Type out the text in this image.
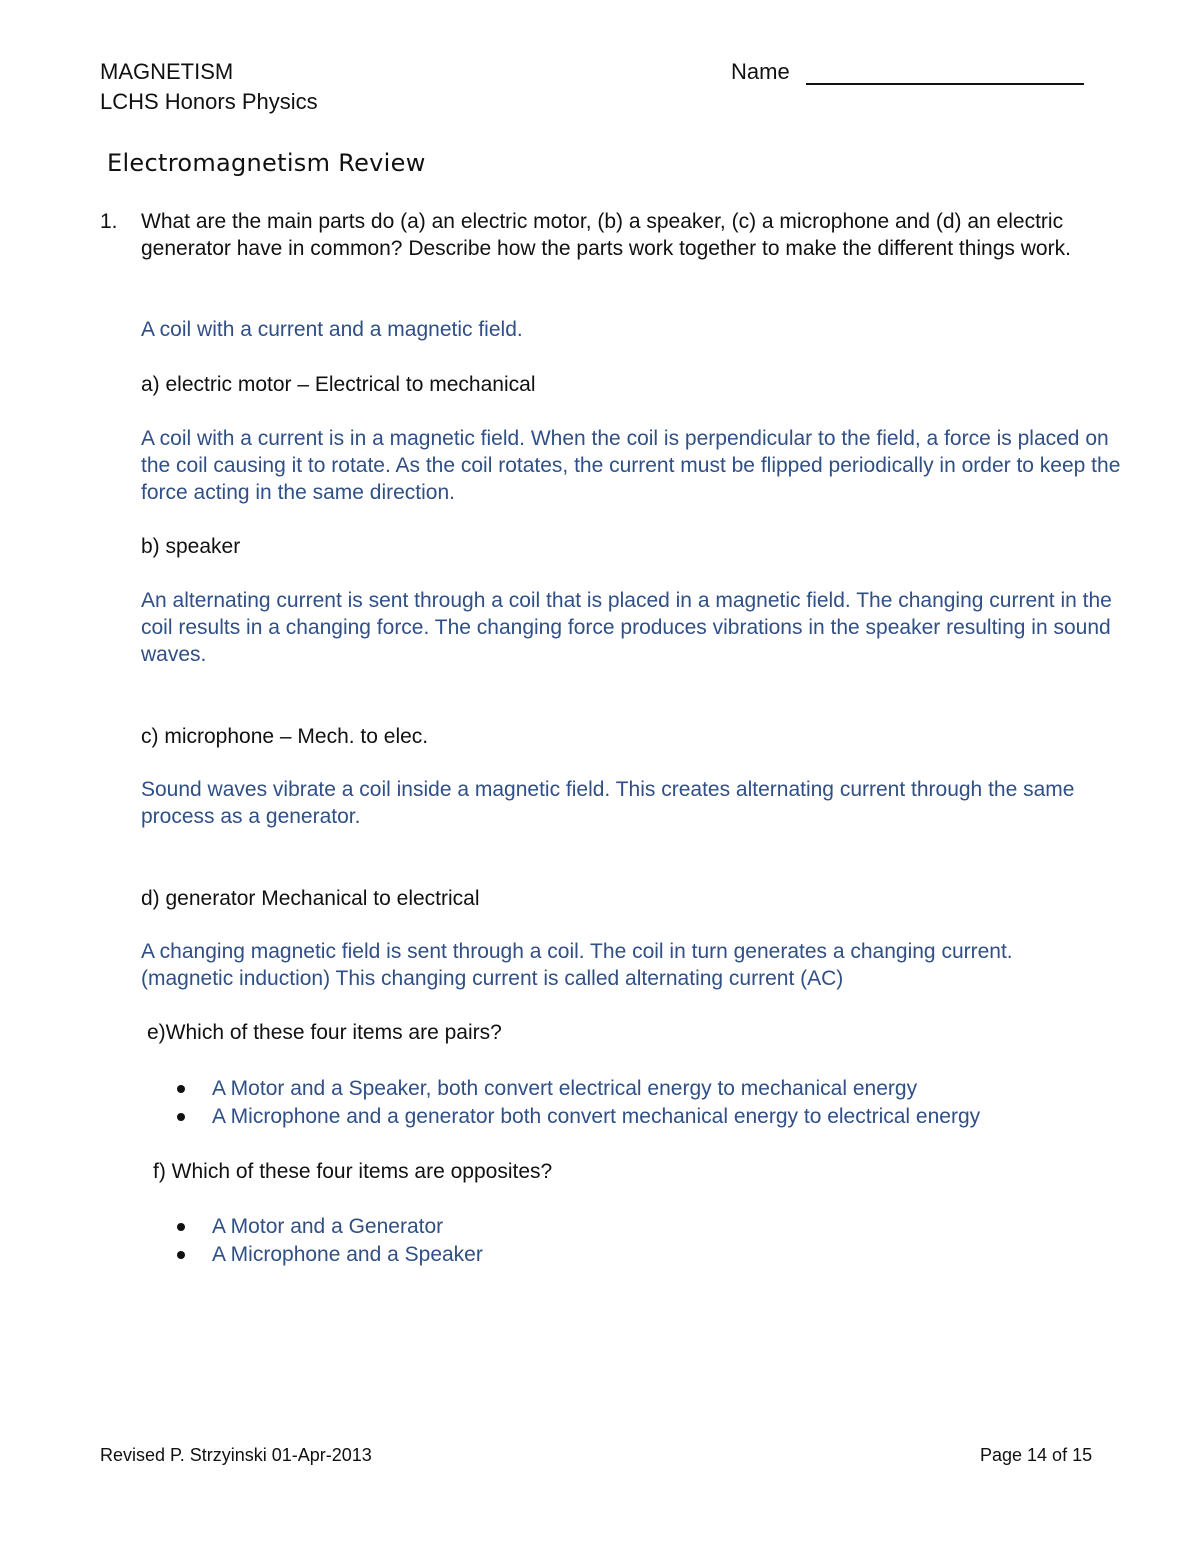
MAGNETISM
LCHS Honors Physics
Name
Electromagnetism Review
1. What are the main parts do (a) an electric motor, (b) a speaker, (c) a microphone and (d) an electric generator have in common? Describe how the parts work together to make the different things work.

A coil with a current and a magnetic field.

a) electric motor – Electrical to mechanical

A coil with a current is in a magnetic field. When the coil is perpendicular to the field, a force is placed on the coil causing it to rotate. As the coil rotates, the current must be flipped periodically in order to keep the force acting in the same direction.

b) speaker

An alternating current is sent through a coil that is placed in a magnetic field. The changing current in the coil results in a changing force. The changing force produces vibrations in the speaker resulting in sound waves.

c) microphone – Mech. to elec.

Sound waves vibrate a coil inside a magnetic field. This creates alternating current through the same process as a generator.

d) generator Mechanical to electrical

A changing magnetic field is sent through a coil. The coil in turn generates a changing current. (magnetic induction) This changing current is called alternating current (AC)

e)Which of these four items are pairs?

A Motor and a Speaker, both convert electrical energy to mechanical energy
A Microphone and a generator both convert mechanical energy to electrical energy

f) Which of these four items are opposites?

A Motor and a Generator
A Microphone and a Speaker
Revised P. Strzyinski 01-Apr-2013	Page 14 of 15
